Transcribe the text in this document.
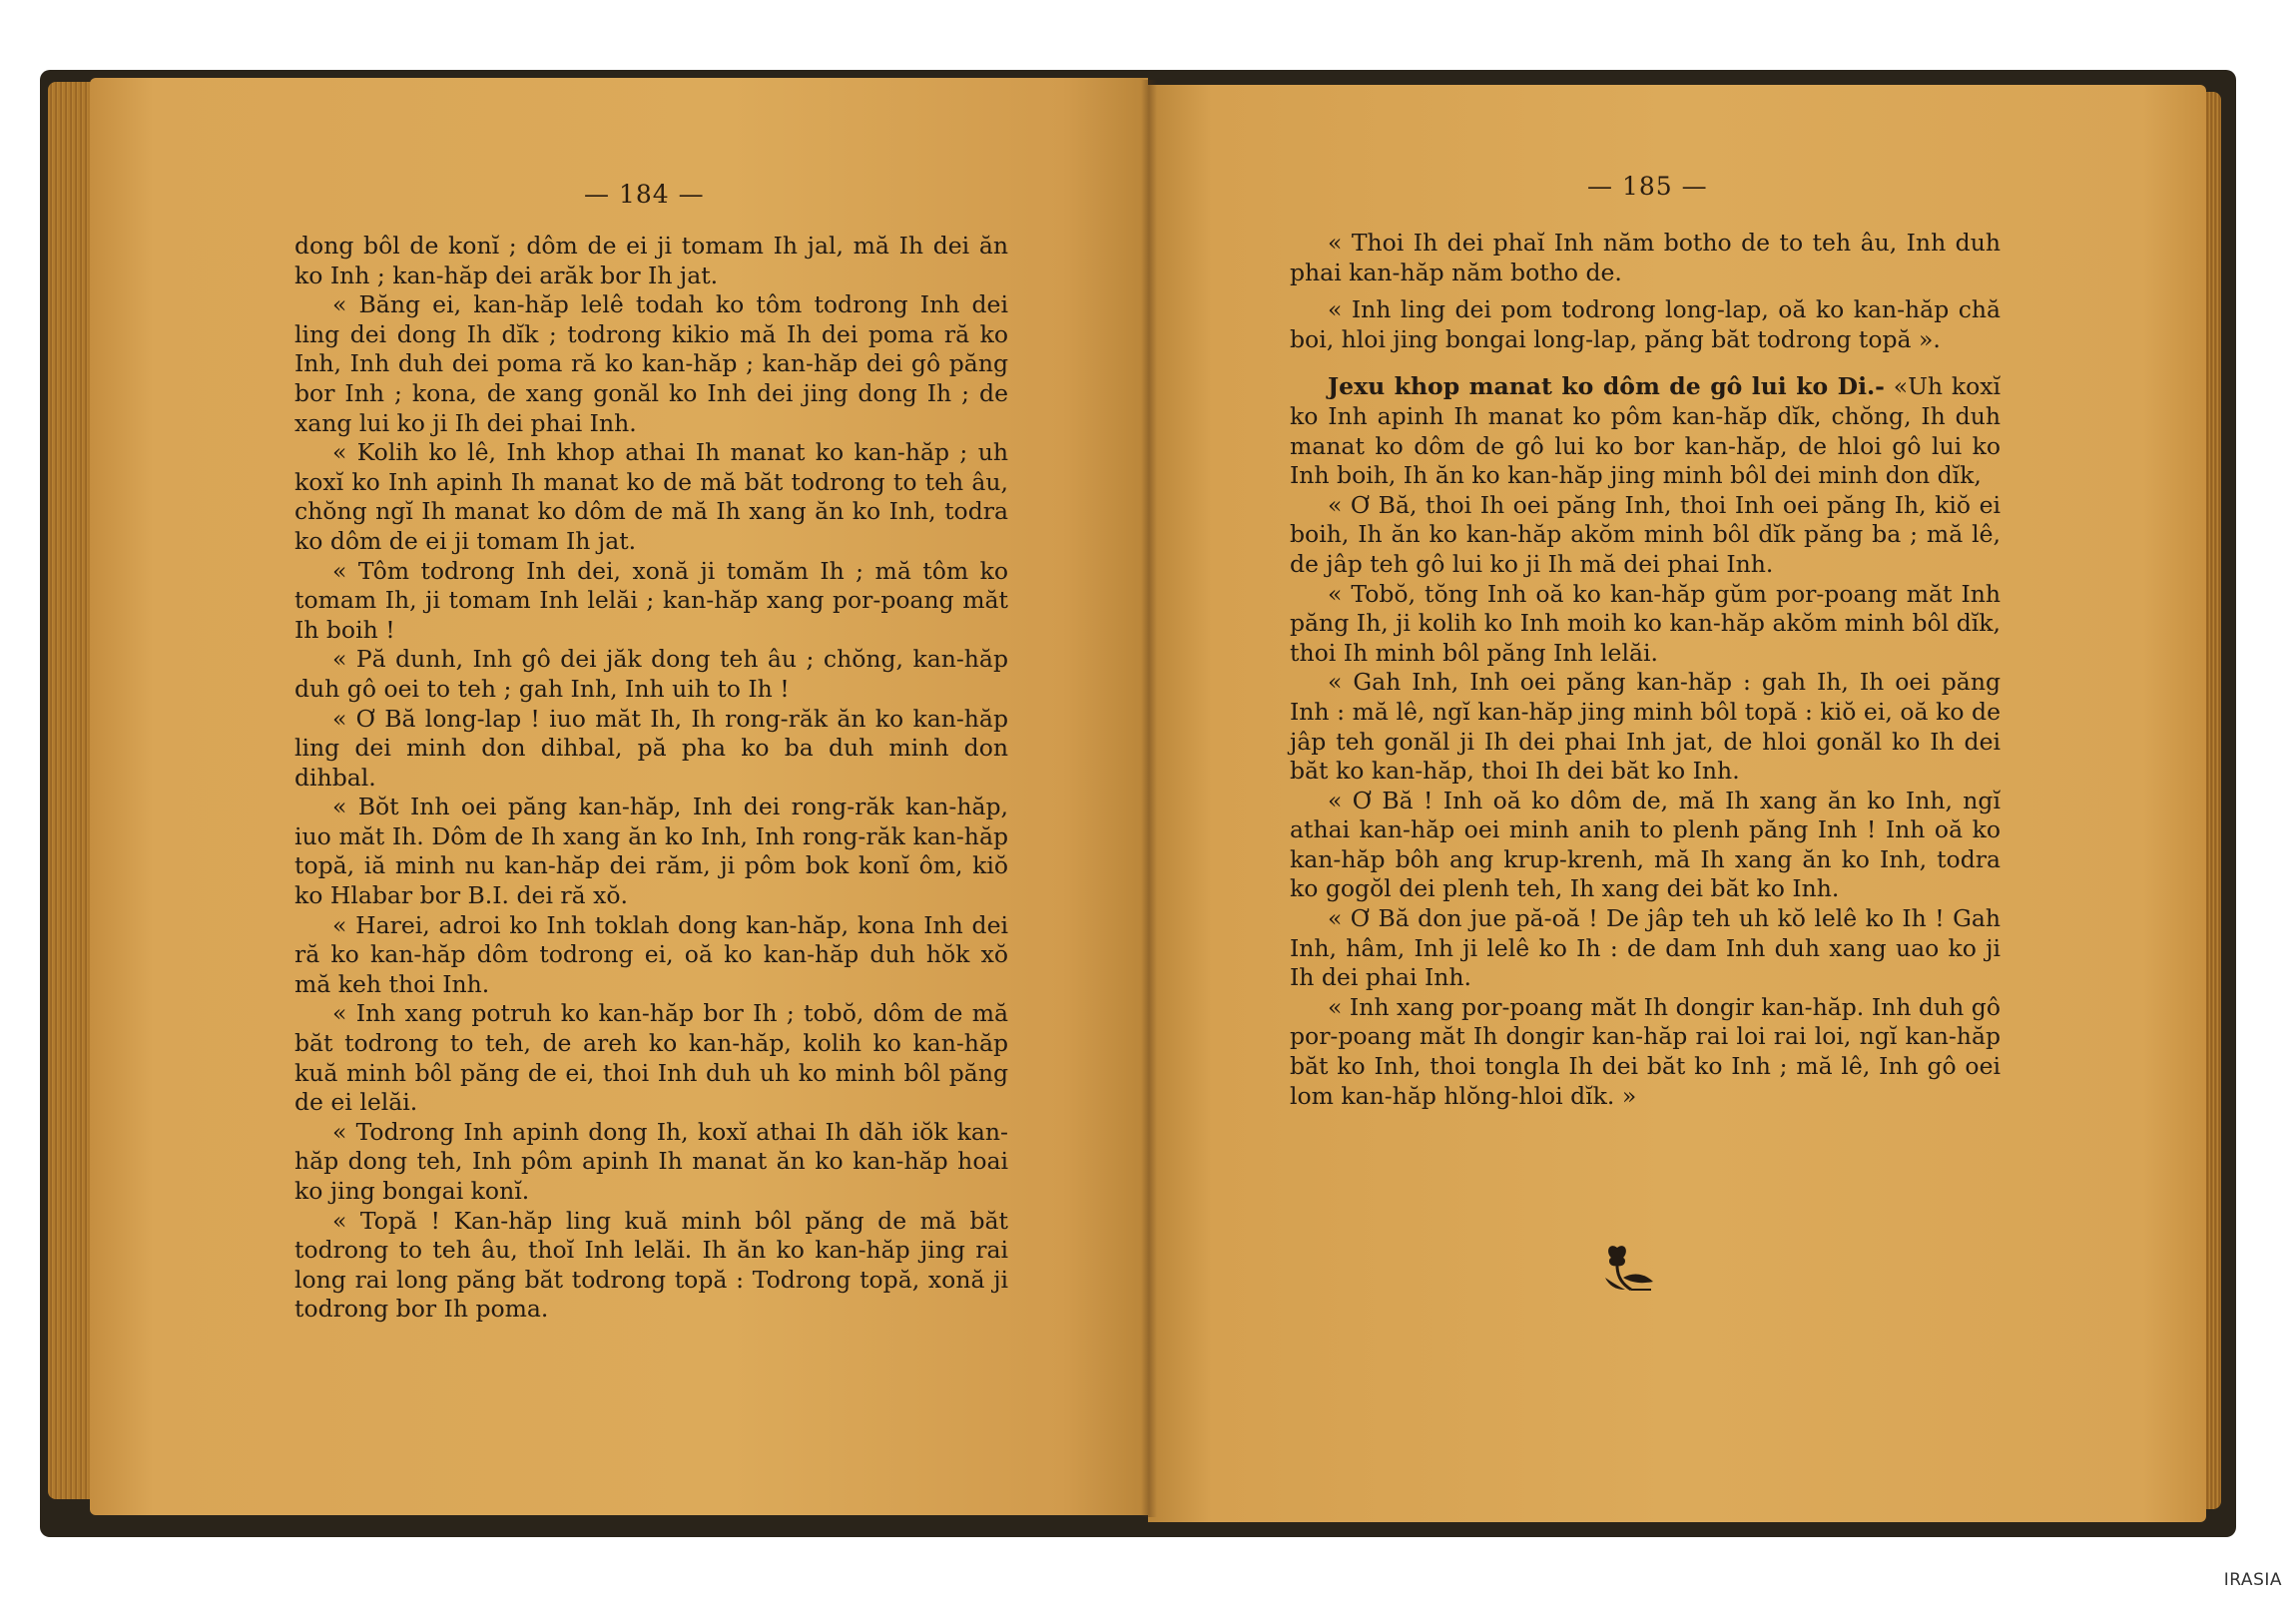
— 184 —	— 185 —

dong bôl de konĭ ; dôm de ei ji tomam Ih jal, mă Ih dei ăn ko Inh ; kan-hăp dei arăk bor Ih jat.

« Băng ei, kan-hăp lelê todah ko tôm todrong Inh dei ling dei dong Ih dĭk ; todrong kikio mă Ih dei poma ră ko Inh, Inh duh dei poma ră ko kan-hăp ; kan-hăp dei gô păng bor Inh ; kona, de xang gonăl ko Inh dei jing dong Ih ; de xang lui ko ji Ih dei phai Inh.

« Kolih ko lê, Inh khop athai Ih manat ko kan-hăp ; uh koxĭ ko Inh apinh Ih manat ko de mă băt todrong to teh âu, chŏng ngĭ Ih manat ko dôm de mă Ih xang ăn ko Inh, todra ko dôm de ei ji tomam Ih jat.

« Tôm todrong Inh dei, xonă ji tomăm Ih ; mă tôm ko tomam Ih, ji tomam Inh lelăi ; kan-hăp xang por-poang măt Ih boih !

« Pă dunh, Inh gô dei jăk dong teh âu ; chŏng, kan-hăp duh gô oei to teh ; gah Inh, Inh uih to Ih !

« Ơ Bă long-lap ! iuo măt Ih, Ih rong-răk ăn ko kan-hăp ling dei minh don dihbal, pă pha ko ba duh minh don dihbal.

« Bŏt Inh oei păng kan-hăp, Inh dei rong-răk kan-hăp, iuo măt Ih. Dôm de Ih xang ăn ko Inh, Inh rong-răk kan-hăp topă, iă minh nu kan-hăp dei răm, ji pôm bok konĭ ôm, kiŏ ko Hlabar bor B.I. dei ră xŏ.

« Harei, adroi ko Inh toklah dong kan-hăp, kona Inh dei ră ko kan-hăp dôm todrong ei, oă ko kan-hăp duh hŏk xŏ mă keh thoi Inh.

« Inh xang potruh ko kan-hăp bor Ih ; tobŏ, dôm de mă băt todrong to teh, de areh ko kan-hăp, kolih ko kan-hăp kuă minh bôl păng de ei, thoi Inh duh uh ko minh bôl păng de ei lelăi.

« Todrong Inh apinh dong Ih, koxĭ athai Ih dăh iŏk kan-hăp dong teh, Inh pôm apinh Ih manat ăn ko kan-hăp hoai ko jing bongai konĭ.

« Topă ! Kan-hăp ling kuă minh bôl păng de mă băt todrong to teh âu, thoĭ Inh lelăi. Ih ăn ko kan-hăp jing rai long rai long păng băt todrong topă : Todrong topă, xonă ji todrong bor Ih poma.

« Thoi Ih dei phaĭ Inh năm botho de to teh âu, Inh duh phai kan-hăp năm botho de.

« Inh ling dei pom todrong long-lap, oă ko kan-hăp chă boi, hloi jing bongai long-lap, păng băt todrong topă ».

Jexu khop manat ko dôm de gô lui ko Di.- «Uh koxĭ ko Inh apinh Ih manat ko pôm kan-hăp dĭk, chŏng, Ih duh manat ko dôm de gô lui ko bor kan-hăp, de hloi gô lui ko Inh boih, Ih ăn ko kan-hăp jing minh bôl dei minh don dĭk,

« Ơ Bă, thoi Ih oei păng Inh, thoi Inh oei păng Ih, kiŏ ei boih, Ih ăn ko kan-hăp akŏm minh bôl dĭk păng ba ; mă lê, de jâp teh gô lui ko ji Ih mă dei phai Inh.

« Tobŏ, tŏng Inh oă ko kan-hăp gŭm por-poang măt Inh păng Ih, ji kolih ko Inh moih ko kan-hăp akŏm minh bôl dĭk, thoi Ih minh bôl păng Inh lelăi.

« Gah Inh, Inh oei păng kan-hăp : gah Ih, Ih oei păng Inh : mă lê, ngĭ kan-hăp jing minh bôl topă : kiŏ ei, oă ko de jâp teh gonăl ji Ih dei phai Inh jat, de hloi gonăl ko Ih dei băt ko kan-hăp, thoi Ih dei băt ko Inh.

« Ơ Bă ! Inh oă ko dôm de, mă Ih xang ăn ko Inh, ngĭ athai kan-hăp oei minh anih to plenh păng Inh ! Inh oă ko kan-hăp bôh ang krup-krenh, mă Ih xang ăn ko Inh, todra ko gogŏl dei plenh teh, Ih xang dei băt ko Inh.

« Ơ Bă don jue pă-oă ! De jâp teh uh kŏ lelê ko Ih ! Gah Inh, hâm, Inh ji lelê ko Ih : de dam Inh duh xang uao ko ji Ih dei phai Inh.

« Inh xang por-poang măt Ih dongir kan-hăp. Inh duh gô por-poang măt Ih dongir kan-hăp rai loi rai loi, ngĭ kan-hăp băt ko Inh, thoi tongla Ih dei băt ko Inh ; mă lê, Inh gô oei lom kan-hăp hlŏng-hloi dĭk. »

IRASIA
